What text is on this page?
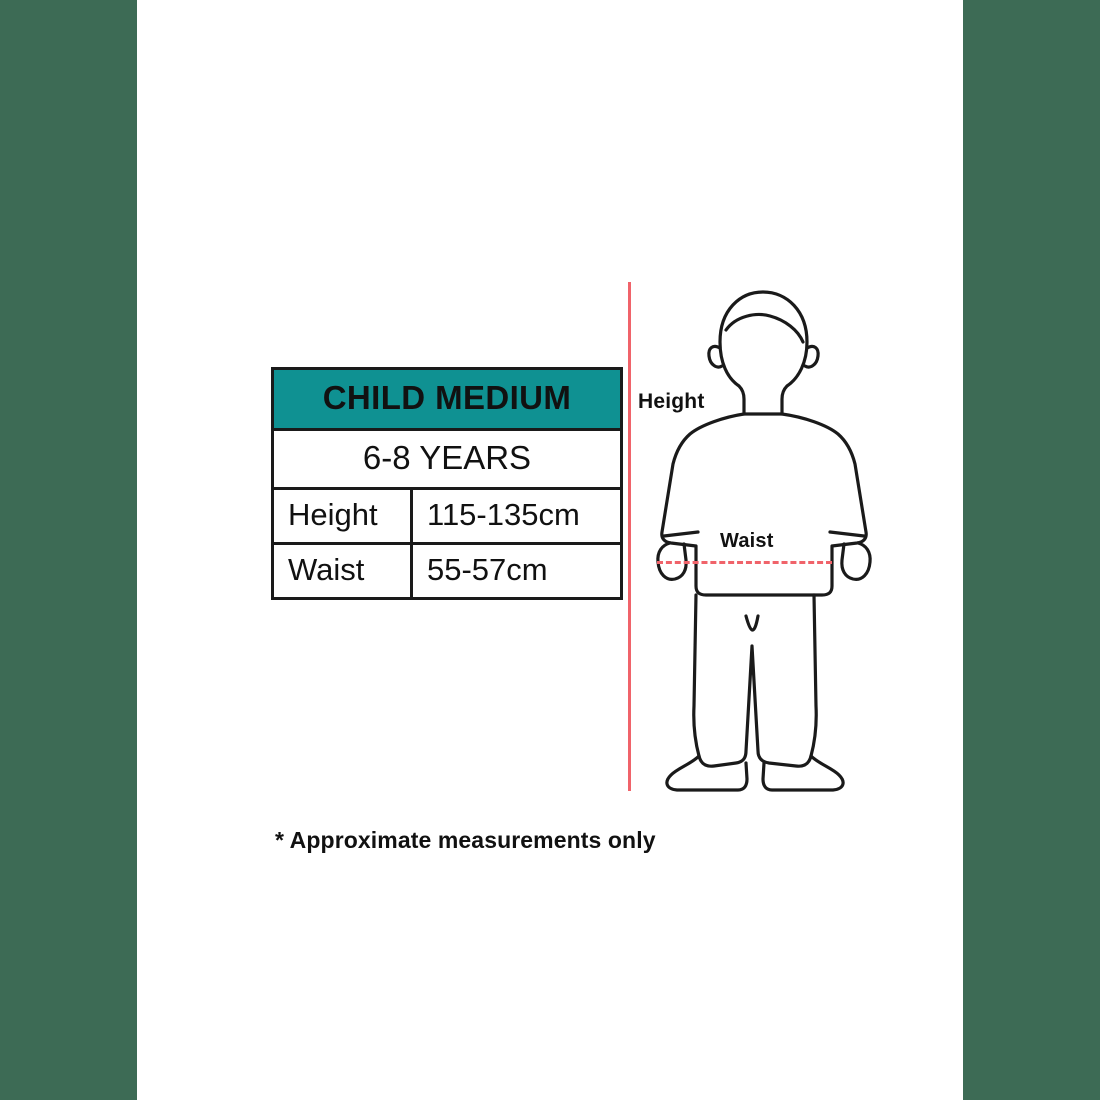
CHILD MEDIUM
6-8 YEARS
Height	115-135cm
Waist	55-57cm
Height
Waist
* Approximate measurements only
